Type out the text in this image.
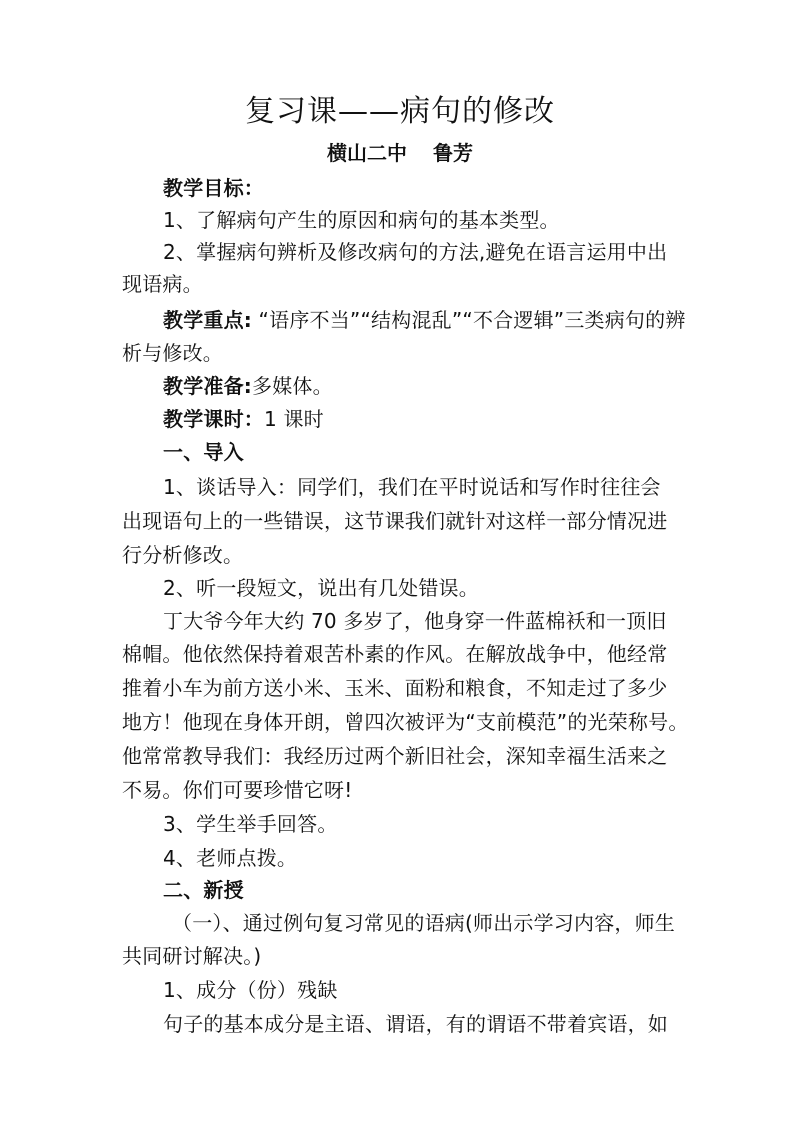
复习课——病句的修改
横山二中 鲁芳
教学目标：
1、了解病句产生的原因和病句的基本类型。
2、掌握病句辨析及修改病句的方法,避免在语言运用中出
现语病。
教学重点: “语序不当”“结构混乱”“不合逻辑”三类病句的辨
析与修改。
教学准备:多媒体。
教学课时：1 课时
一、导入
1、谈话导入：同学们，我们在平时说话和写作时往往会
出现语句上的一些错误，这节课我们就针对这样一部分情况进
行分析修改。
2、听一段短文，说出有几处错误。
丁大爷今年大约 70 多岁了，他身穿一件蓝棉袄和一顶旧
棉帽。他依然保持着艰苦朴素的作风。在解放战争中，他经常
推着小车为前方送小米、玉米、面粉和粮食，不知走过了多少
地方！他现在身体开朗，曾四次被评为“支前模范”的光荣称号。
他常常教导我们：我经历过两个新旧社会，深知幸福生活来之
不易。你们可要珍惜它呀!
3、学生举手回答。
4、老师点拨。
二、新授
（一）、通过例句复习常见的语病(师出示学习内容，师生
共同研讨解决。)
1、成分（份）残缺
句子的基本成分是主语、谓语，有的谓语不带着宾语，如
